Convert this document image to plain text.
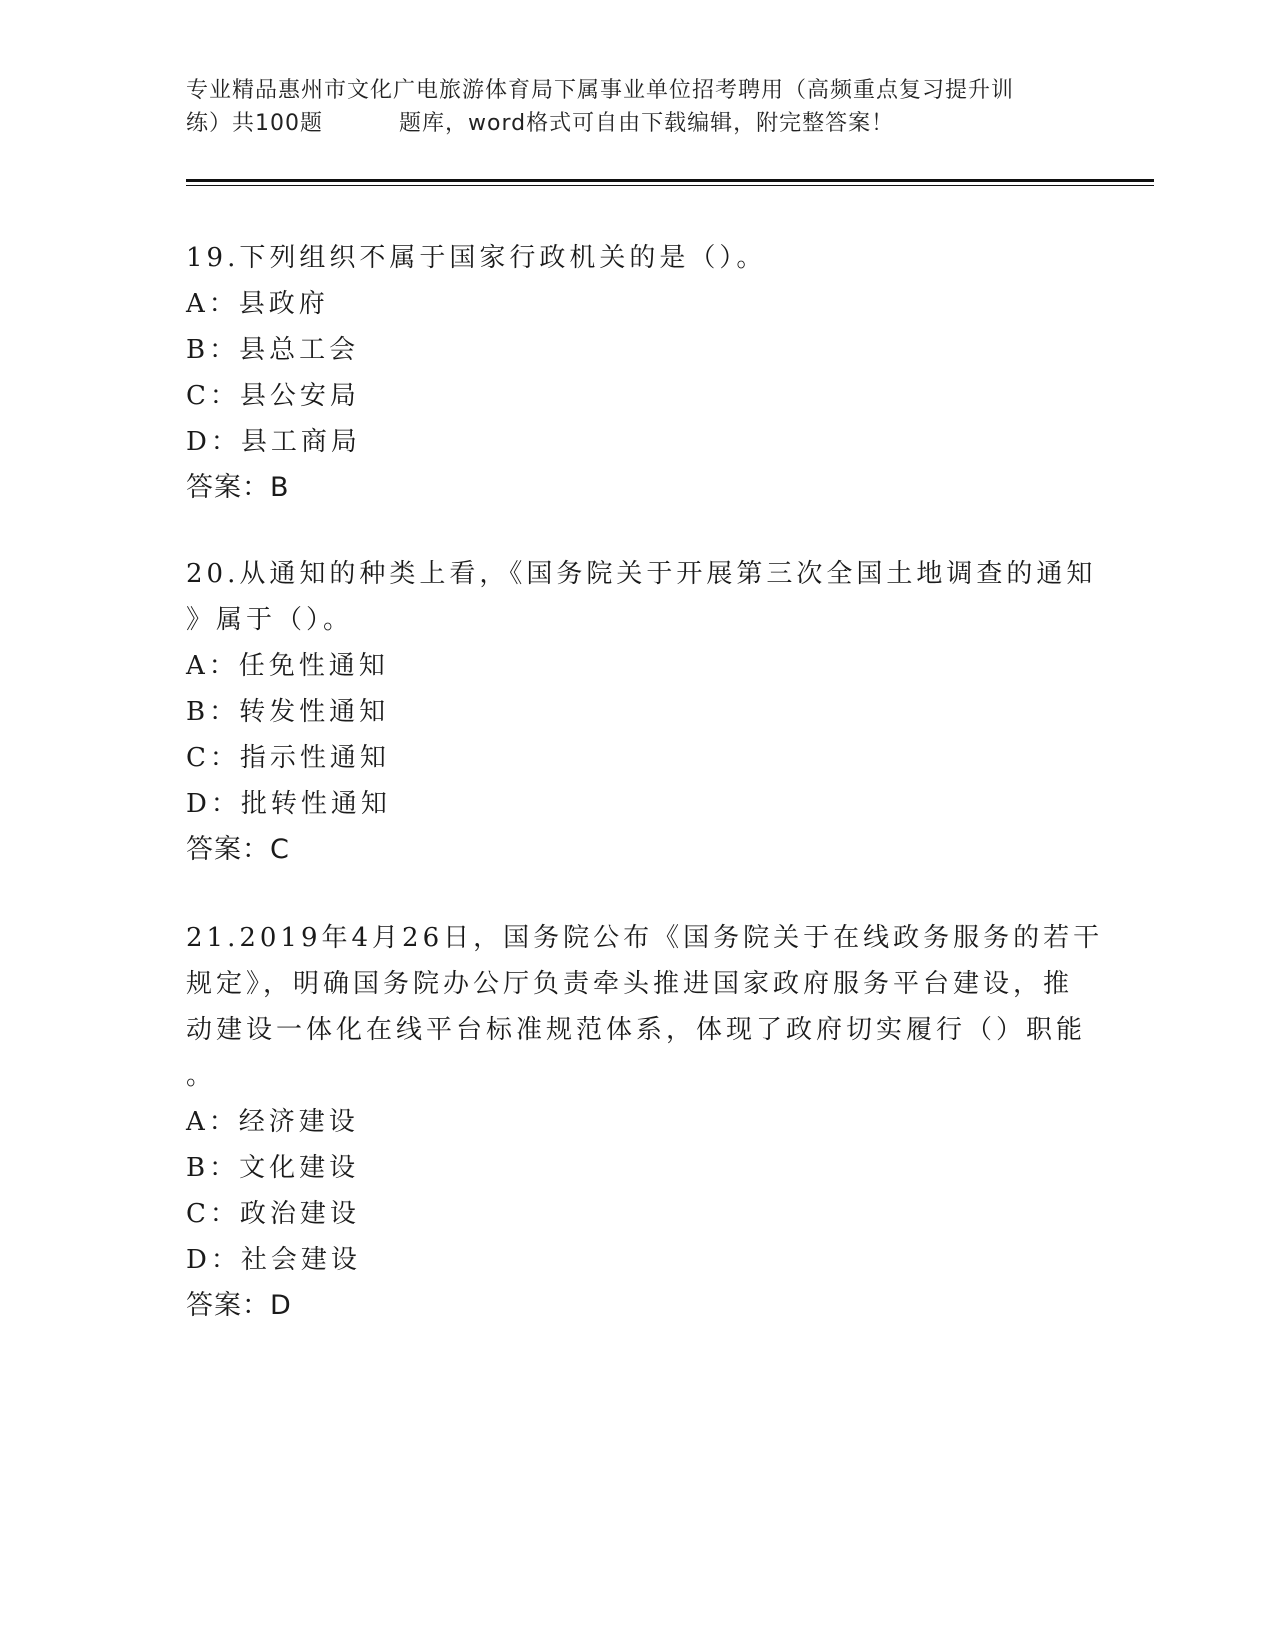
专业精品惠州市文化广电旅游体育局下属事业单位招考聘用（高频重点复习提升训
练）共100题	题库，word格式可自由下载编辑，附完整答案！
19.下列组织不属于国家行政机关的是（）。
A：县政府
B：县总工会
C：县公安局
D：县工商局
答案：B
20.从通知的种类上看，《国务院关于开展第三次全国土地调查的通知
》属于（）。
A：任免性通知
B：转发性通知
C：指示性通知
D：批转性通知
答案：C
21.2019年4月26日，国务院公布《国务院关于在线政务服务的若干
规定》，明确国务院办公厅负责牵头推进国家政府服务平台建设，推
动建设一体化在线平台标准规范体系，体现了政府切实履行（）职能
。
A：经济建设
B：文化建设
C：政治建设
D：社会建设
答案：D
